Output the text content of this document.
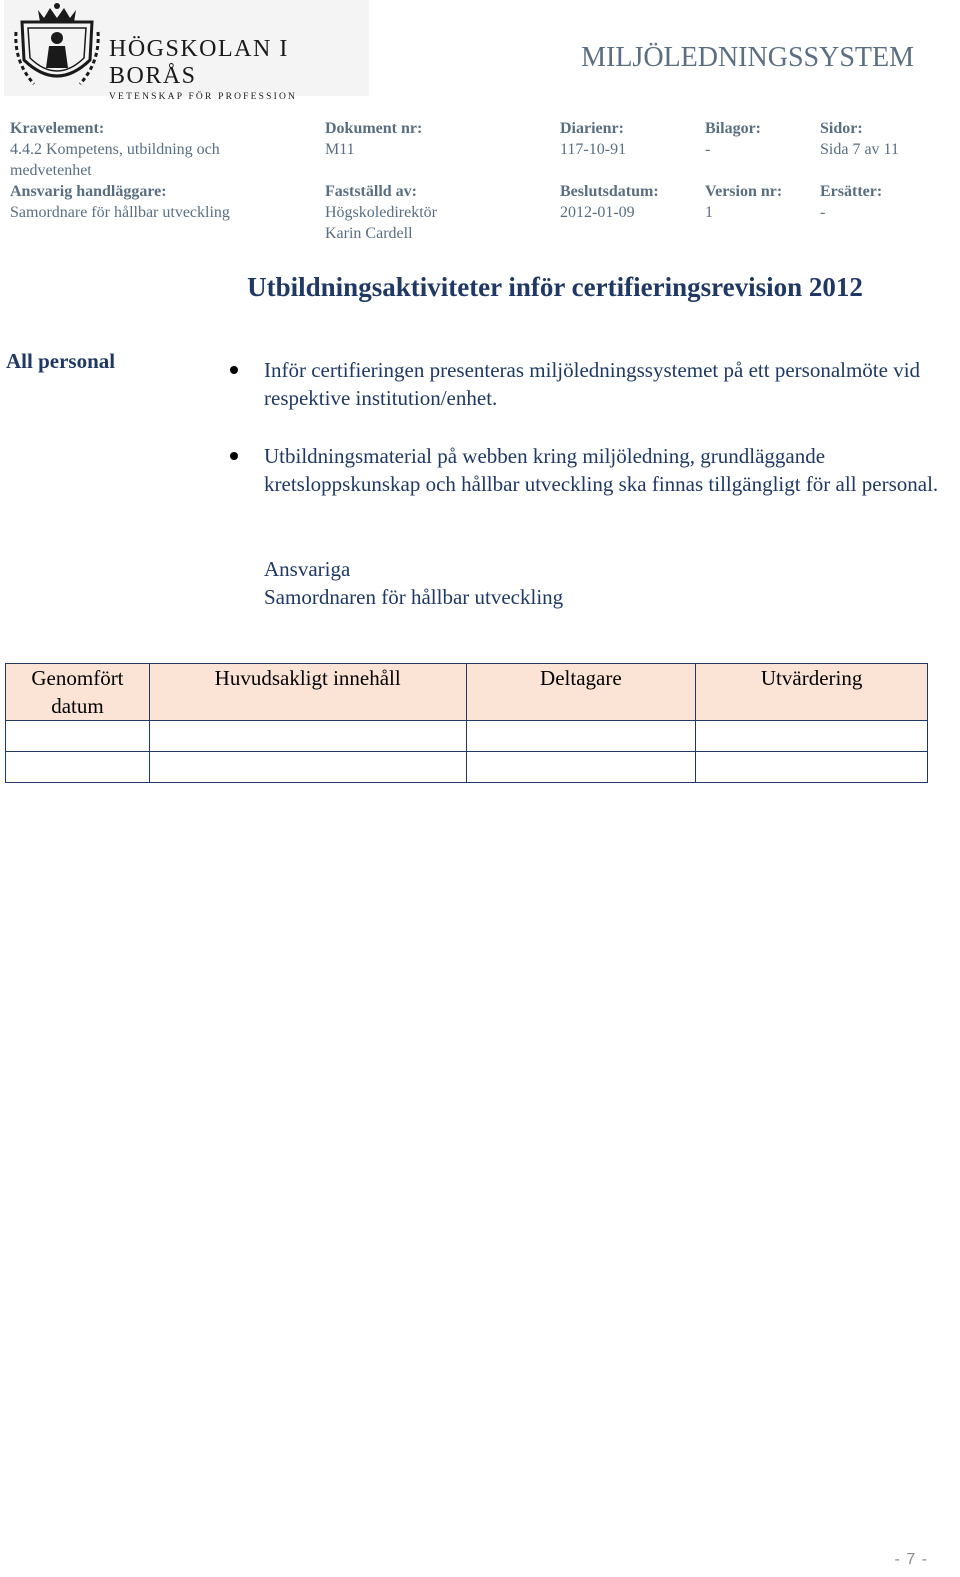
HÖGSKOLAN I BORÅS
VETENSKAP FÖR PROFESSION
MILJÖLEDNINGSSYSTEM
Kravelement:	Dokument nr:	Diarienr:	Bilagor:	Sidor:
4.4.2 Kompetens, utbildning och	M11	117-10-91	-	Sida 7 av 11
medvetenhet
Ansvarig handläggare:	Fastställd av:	Beslutsdatum:	Version nr: Ersätter:
Samordnare för hållbar utveckling	Högskoledirektör	2012-01-09	1	-
Karin Cardell
Utbildningsaktiviteter inför certifieringsrevision 2012
All personal	Inför certifieringen presenteras miljöledningssystemet på ett personalmöte vid respektive institution/enhet.
Utbildningsmaterial på webben kring miljöledning, grundläggande kretsloppskunskap och hållbar utveckling ska finnas tillgängligt för all personal.
Ansvariga
Samordnaren för hållbar utveckling
Genomfört datum	Huvudsakligt innehåll	Deltagare	Utvärdering

- 7 -
